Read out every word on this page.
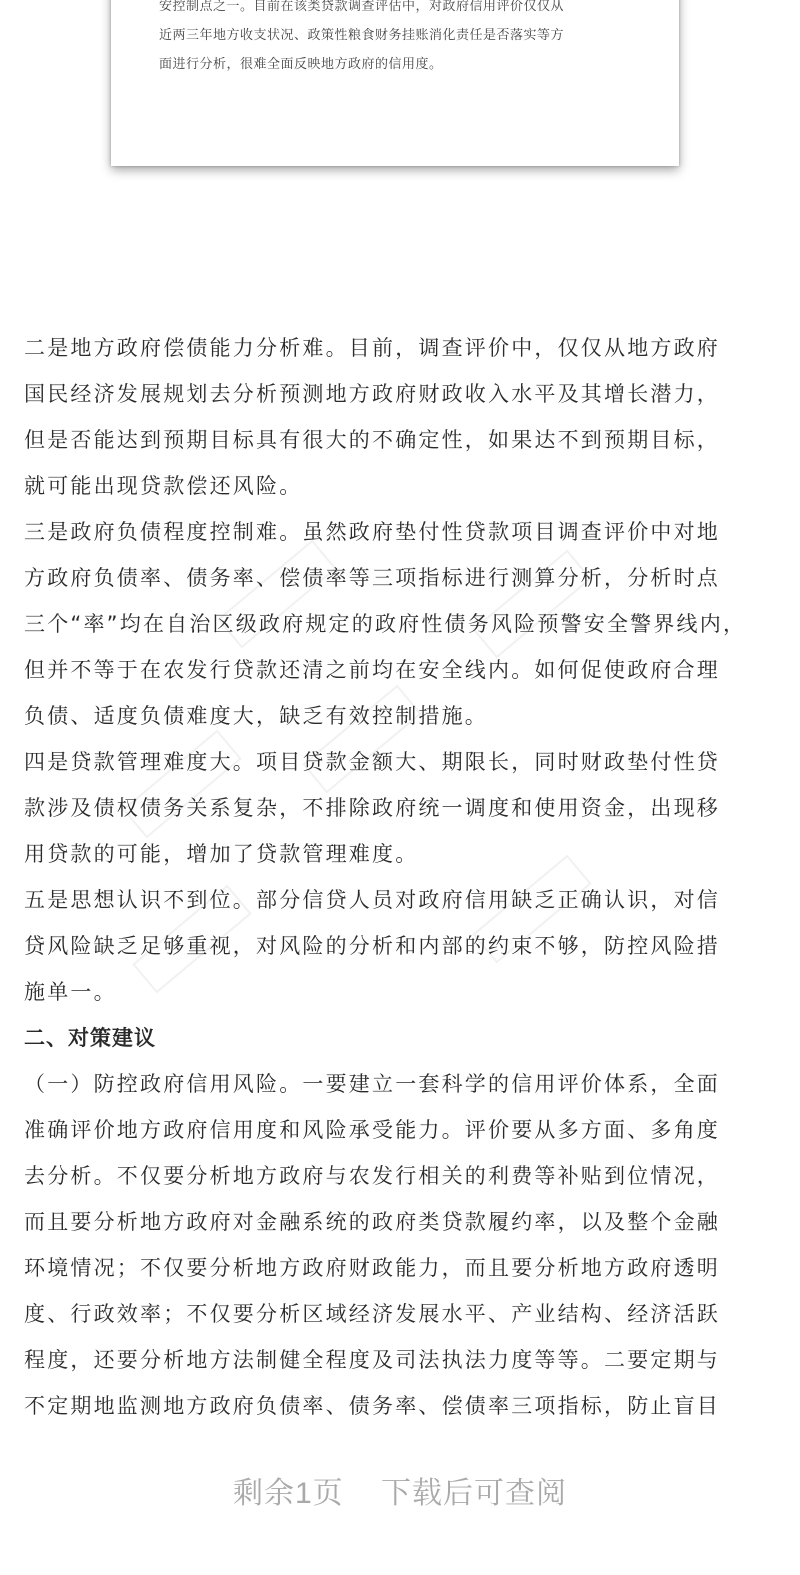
安控制点之一。目前在该类贷款调查评估中，对政府信用评价仅仅从
近两三年地方收支状况、政策性粮食财务挂账消化责任是否落实等方
面进行分析，很难全面反映地方政府的信用度。
二是地方政府偿债能力分析难。目前，调查评价中，仅仅从地方政府
国民经济发展规划去分析预测地方政府财政收入水平及其增长潜力，
但是否能达到预期目标具有很大的不确定性，如果达不到预期目标，
就可能出现贷款偿还风险。
三是政府负债程度控制难。虽然政府垫付性贷款项目调查评价中对地
方政府负债率、债务率、偿债率等三项指标进行测算分析，分析时点
三个“率”均在自治区级政府规定的政府性债务风险预警安全警界线内，
但并不等于在农发行贷款还清之前均在安全线内。如何促使政府合理
负债、适度负债难度大，缺乏有效控制措施。
四是贷款管理难度大。项目贷款金额大、期限长，同时财政垫付性贷
款涉及债权债务关系复杂，不排除政府统一调度和使用资金，出现移
用贷款的可能，增加了贷款管理难度。
五是思想认识不到位。部分信贷人员对政府信用缺乏正确认识，对信
贷风险缺乏足够重视，对风险的分析和内部的约束不够，防控风险措
施单一。
二、对策建议
（一）防控政府信用风险。一要建立一套科学的信用评价体系，全面
准确评价地方政府信用度和风险承受能力。评价要从多方面、多角度
去分析。不仅要分析地方政府与农发行相关的利费等补贴到位情况，
而且要分析地方政府对金融系统的政府类贷款履约率，以及整个金融
环境情况；不仅要分析地方政府财政能力，而且要分析地方政府透明
度、行政效率；不仅要分析区域经济发展水平、产业结构、经济活跃
程度，还要分析地方法制健全程度及司法执法力度等等。二要定期与
不定期地监测地方政府负债率、债务率、偿债率三项指标，防止盲目
剩余1页 下载后可查阅
